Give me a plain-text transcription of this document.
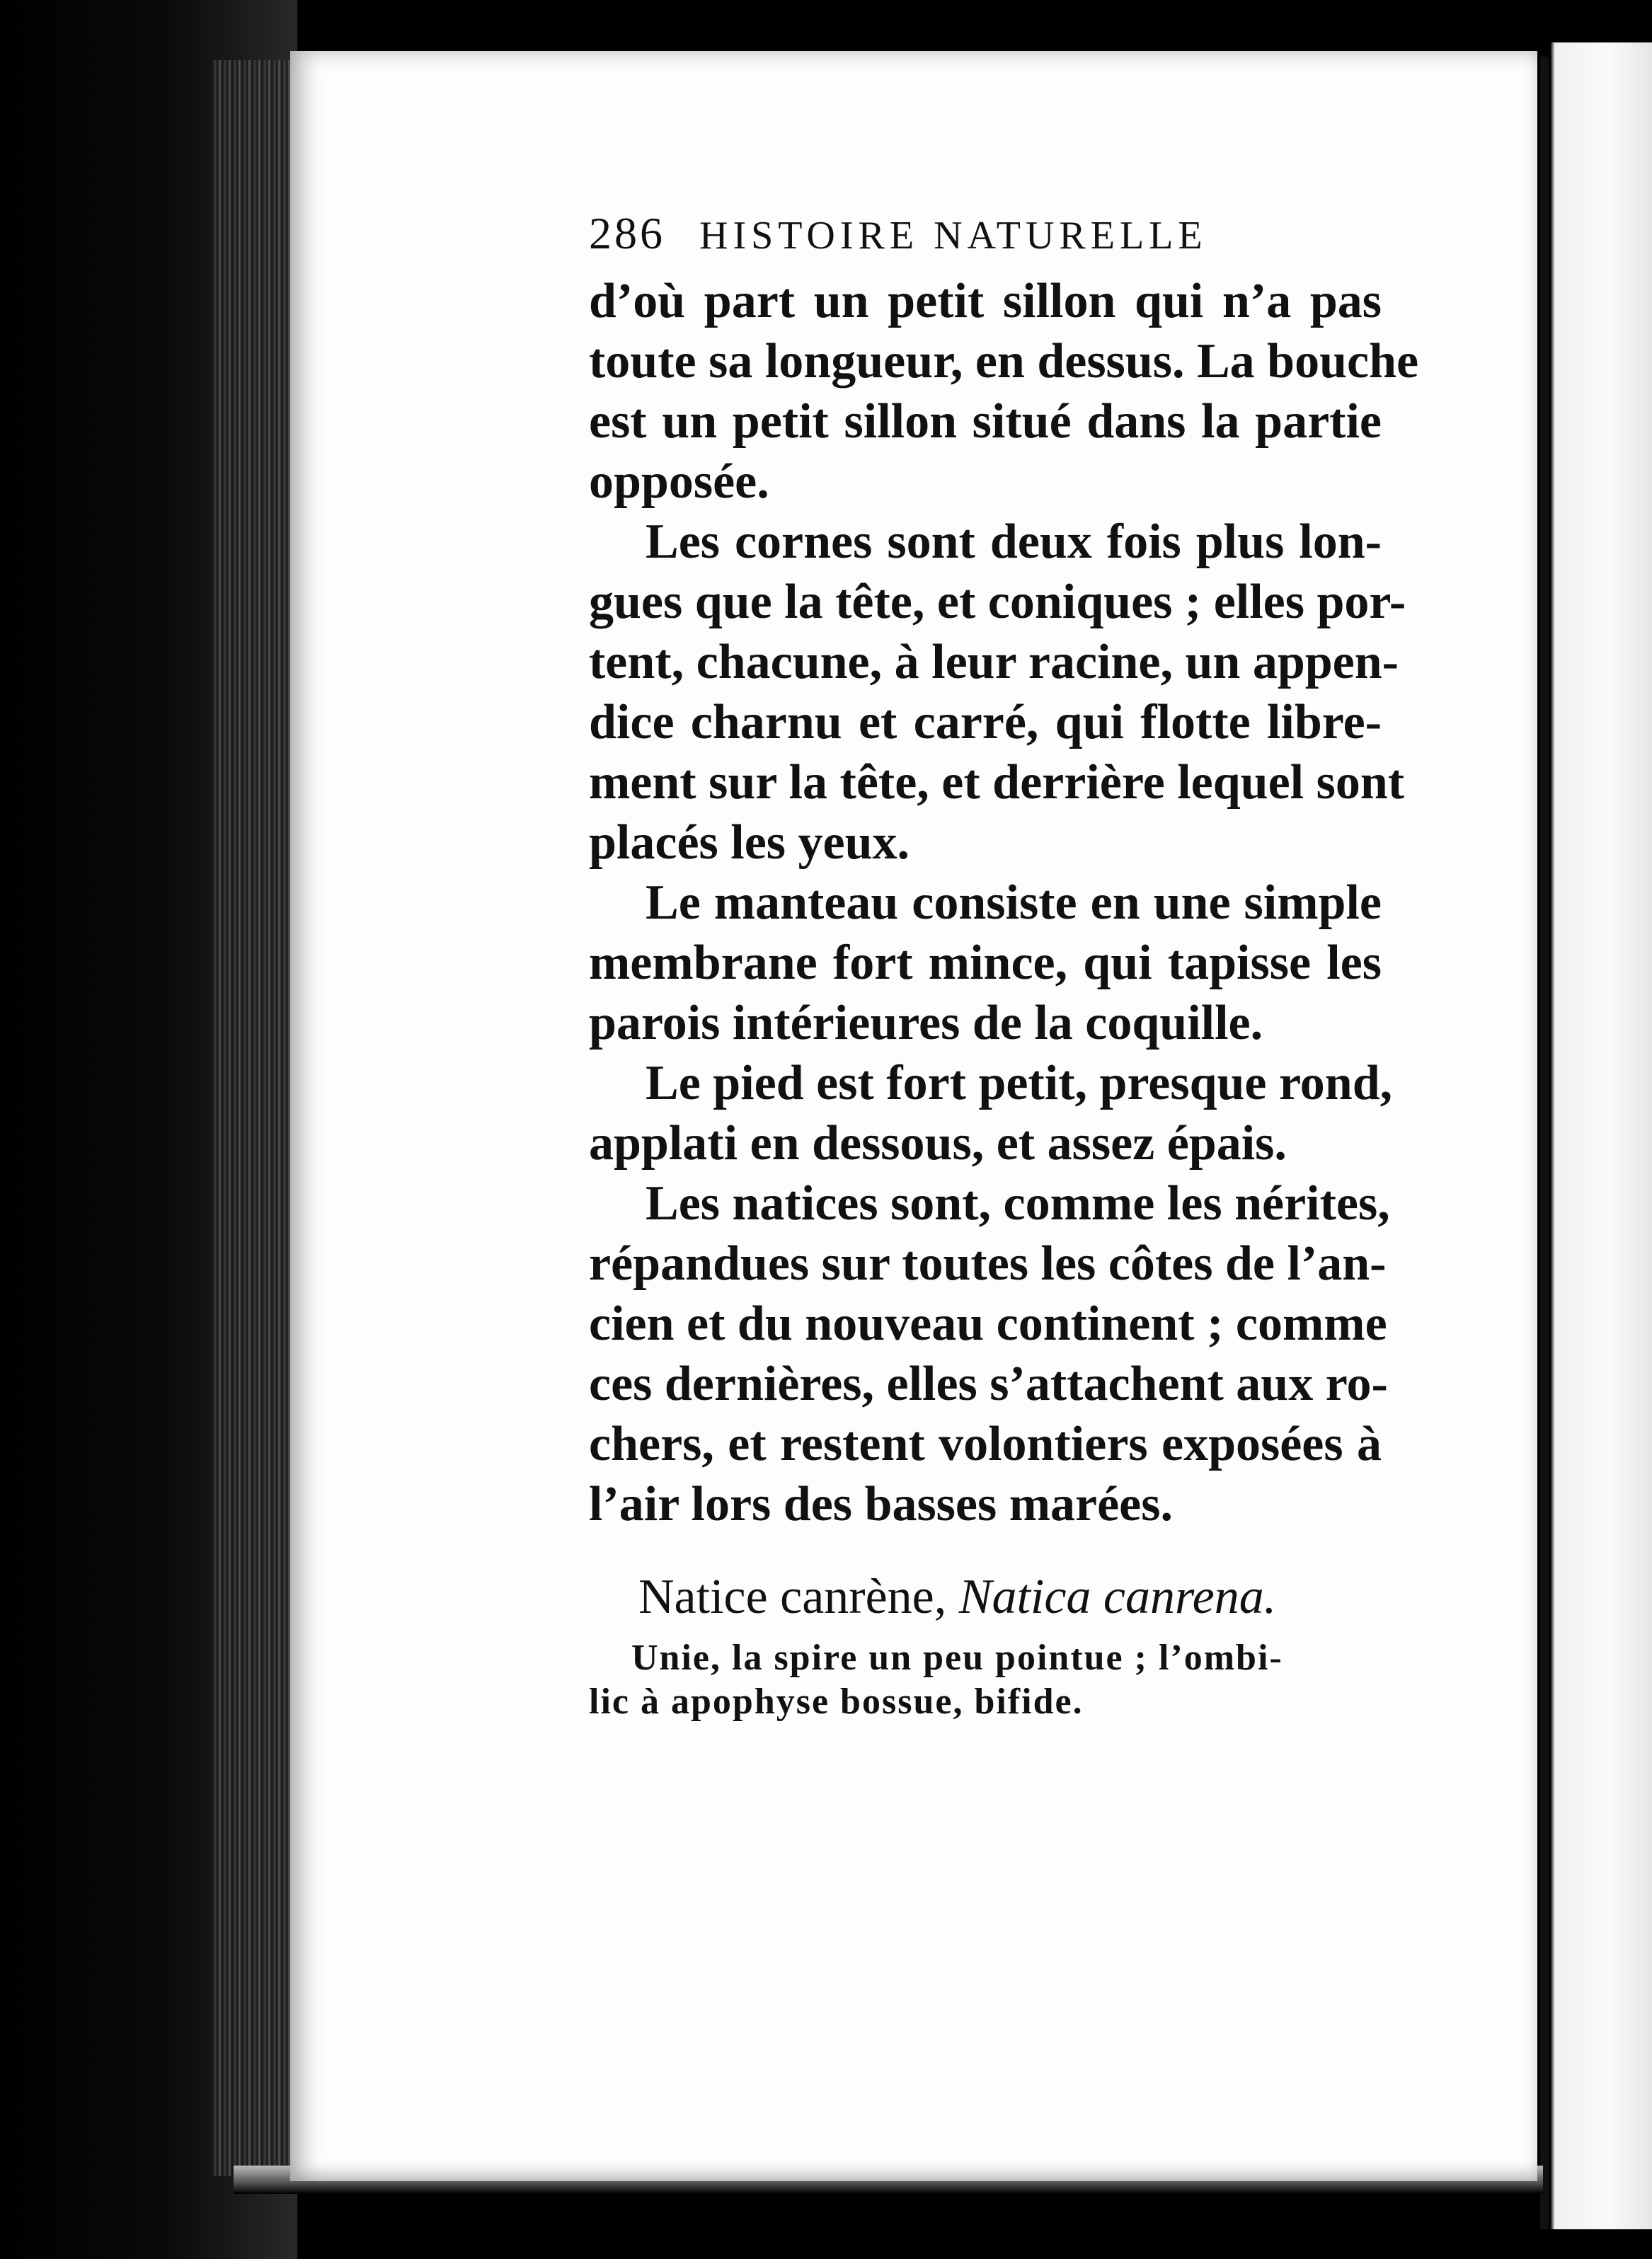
286 HISTOIRE NATURELLE
d’où part un petit sillon qui n’a pas
toute sa longueur, en dessus. La bouche
est un petit sillon situé dans la partie
opposée.
Les cornes sont deux fois plus lon-
gues que la tête, et coniques ; elles por-
tent, chacune, à leur racine, un appen-
dice charnu et carré, qui flotte libre-
ment sur la tête, et derrière lequel sont
placés les yeux.
Le manteau consiste en une simple
membrane fort mince, qui tapisse les
parois intérieures de la coquille.
Le pied est fort petit, presque rond,
applati en dessous, et assez épais.
Les natices sont, comme les nérites,
répandues sur toutes les côtes de l’an-
cien et du nouveau continent ; comme
ces dernières, elles s’attachent aux ro-
chers, et restent volontiers exposées à
l’air lors des basses marées.
Natice canrène, Natica canrena.
Unie, la spire un peu pointue ; l’ombi-
lic à apophyse bossue, bifide.
